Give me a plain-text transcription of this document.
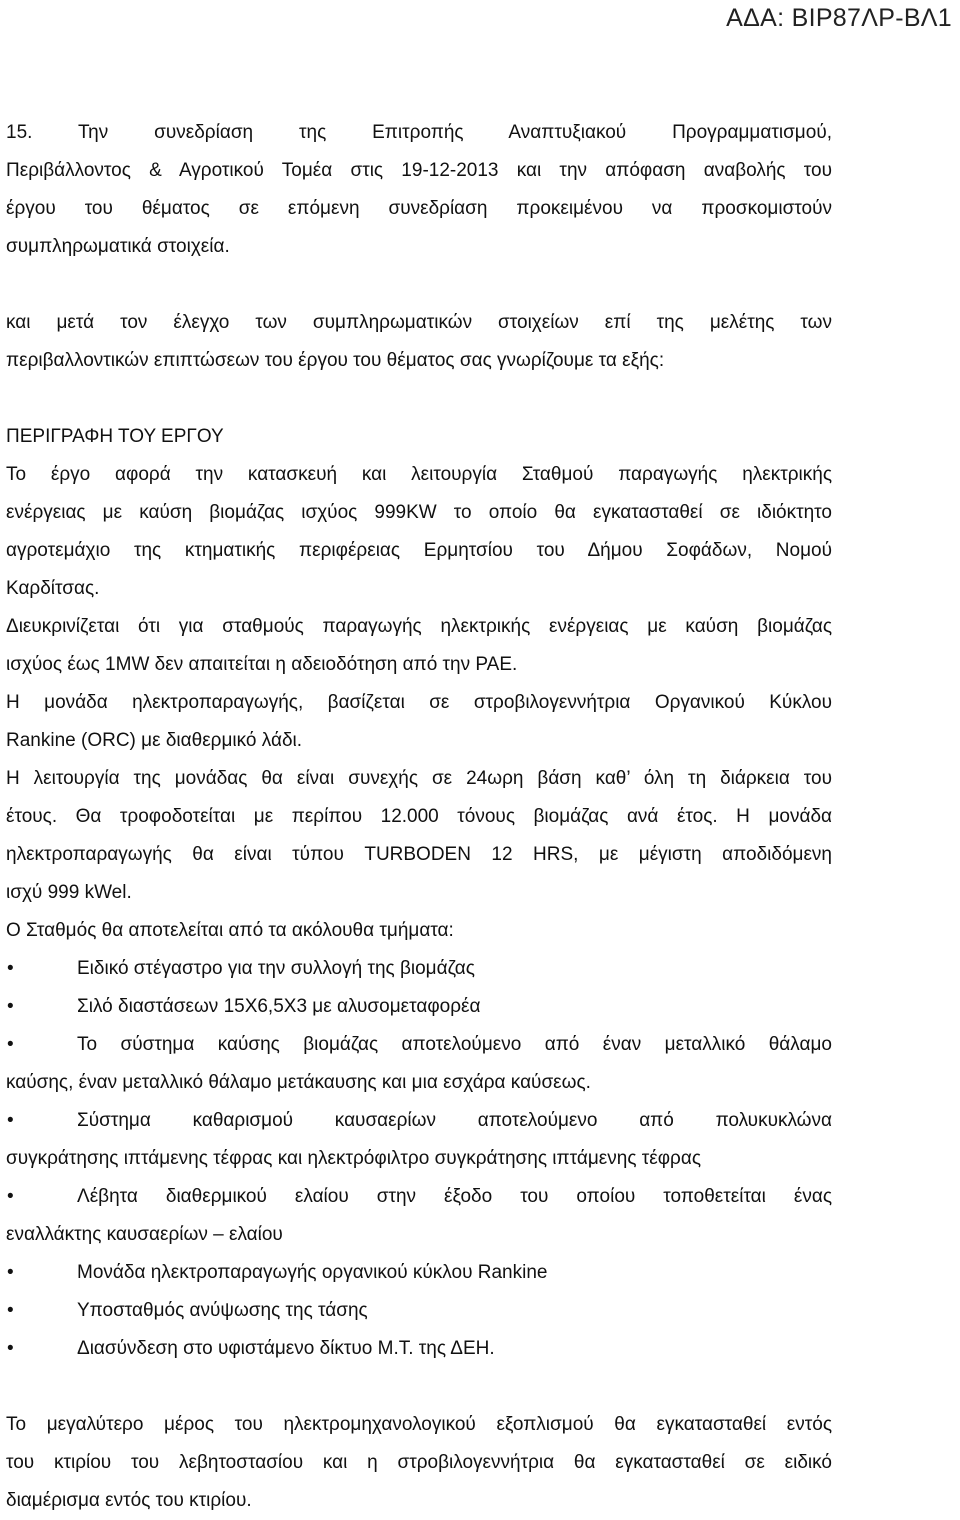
ΑΔΑ: ΒΙΡ87ΛΡ-ΒΛ1

15. Την συνεδρίαση της Επιτροπής Αναπτυξιακού Προγραμματισμού,

Περιβάλλοντος & Αγροτικού Τομέα στις 19-12-2013 και την απόφαση αναβολής του

έργου του θέματος σε επόμενη συνεδρίαση προκειμένου να προσκομιστούν

συμπληρωματικά στοιχεία.

και μετά τον έλεγχο των συμπληρωματικών στοιχείων επί της μελέτης των

περιβαλλοντικών επιπτώσεων του έργου του θέματος σας γνωρίζουμε τα εξής:

ΠΕΡΙΓΡΑΦΗ ΤΟΥ ΕΡΓΟΥ

Το έργο αφορά την κατασκευή και λειτουργία Σταθμού παραγωγής ηλεκτρικής

ενέργειας με καύση βιομάζας ισχύος 999KW το οποίο θα εγκατασταθεί σε ιδιόκτητο

αγροτεμάχιο της κτηματικής περιφέρειας Ερμητσίου του Δήμου Σοφάδων, Νομού

Καρδίτσας.

Διευκρινίζεται ότι για σταθμούς παραγωγής ηλεκτρικής ενέργειας με καύση βιομάζας

ισχύος έως 1MW δεν απαιτείται η αδειοδότηση από την ΡΑΕ.

Η μονάδα ηλεκτροπαραγωγής, βασίζεται σε στροβιλογεννήτρια Οργανικού Κύκλου

Rankine (ORC) με διαθερμικό λάδι.

Η λειτουργία της μονάδας θα είναι συνεχής σε 24ωρη βάση καθ’ όλη τη διάρκεια του

έτους. Θα τροφοδοτείται με περίπου 12.000 τόνους βιομάζας ανά έτος. Η μονάδα

ηλεκτροπαραγωγής θα είναι τύπου TURBODEN 12 HRS, με μέγιστη αποδιδόμενη

ισχύ 999 kWel.

Ο Σταθμός θα αποτελείται από τα ακόλουθα τμήματα:

•	Ειδικό στέγαστρο για την συλλογή της βιομάζας
•	Σιλό διαστάσεων 15Χ6,5Χ3 με αλυσομεταφορέα
•	Το σύστημα καύσης βιομάζας αποτελούμενο από έναν μεταλλικό θάλαμο

καύσης, έναν μεταλλικό θάλαμο μετάκαυσης και μια εσχάρα καύσεως.

•	Σύστημα καθαρισμού καυσαερίων αποτελούμενο από πολυκυκλώνα

συγκράτησης ιπτάμενης τέφρας και ηλεκτρόφιλτρο συγκράτησης ιπτάμενης τέφρας

•	Λέβητα διαθερμικού ελαίου στην έξοδο του οποίου τοποθετείται ένας

εναλλάκτης καυσαερίων – ελαίου

•	Μονάδα ηλεκτροπαραγωγής οργανικού κύκλου Rankine
•	Υποσταθμός ανύψωσης της τάσης
•	Διασύνδεση στο υφιστάμενο δίκτυο Μ.Τ. της ΔΕΗ.

Το μεγαλύτερο μέρος του ηλεκτρομηχανολογικού εξοπλισμού θα εγκατασταθεί εντός

του κτιρίου του λεβητοστασίου και η στροβιλογεννήτρια θα εγκατασταθεί σε ειδικό

διαμέρισμα εντός του κτιρίου.
